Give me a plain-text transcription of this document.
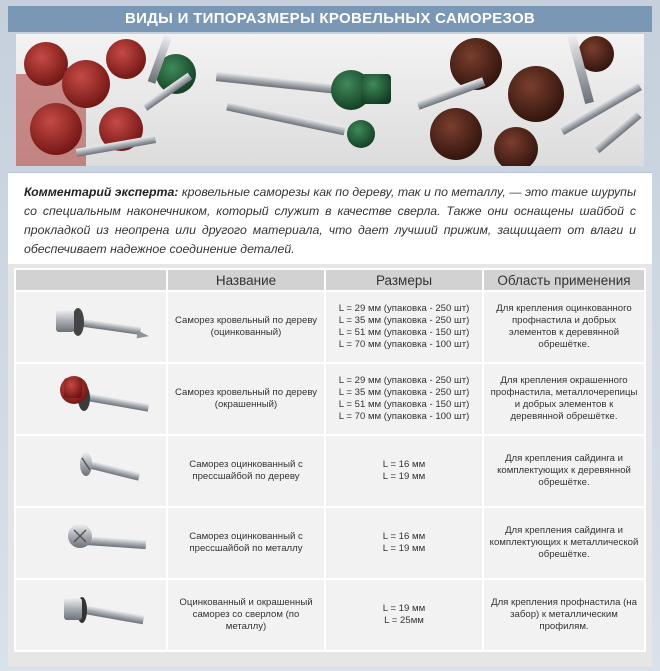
ВИДЫ И ТИПОРАЗМЕРЫ КРОВЕЛЬНЫХ САМОРЕЗОВ

Комментарий эксперта: кровельные саморезы как по дереву, так и по металлу, — это такие шурупы со специальным наконечником, который служит в качестве сверла. Также они оснащены шайбой с прокладкой из неопрена или другого материала, что дает лучший прижим, защищает от влаги и обеспечивает надежное соединение деталей.

	Название	Размеры	Область применения

	Саморез кровельный по дереву (оцинкованный)	L = 29 мм (упаковка - 250 шт)
L = 35 мм (упаковка - 250 шт)
L = 51 мм (упаковка - 150 шт)
L = 70 мм (упаковка - 100 шт)	Для крепления оцинкованного профнастила и добрых элементов к деревянной обрешётке.

	Саморез кровельный по дереву (окрашенный)	L = 29 мм (упаковка - 250 шт)
L = 35 мм (упаковка - 250 шт)
L = 51 мм (упаковка - 150 шт)
L = 70 мм (упаковка - 100 шт)	Для крепления окрашенного профнастила, металлочерепицы и добрых элементов к деревянной обрешётке.

	Саморез оцинкованный с прессшайбой по дереву	L = 16 мм
L = 19 мм	Для крепления сайдинга и комплектующих к деревянной обрешётке.

	Саморез оцинкованный с прессшайбой по металлу	L = 16 мм
L = 19 мм	Для крепления сайдинга и комплектующих к металлической обрешётке.

	Оцинкованный и окрашенный саморез со сверлом (по металлу)	L = 19 мм
L = 25мм	Для крепления профнастила (на забор) к металлическим профилям.
